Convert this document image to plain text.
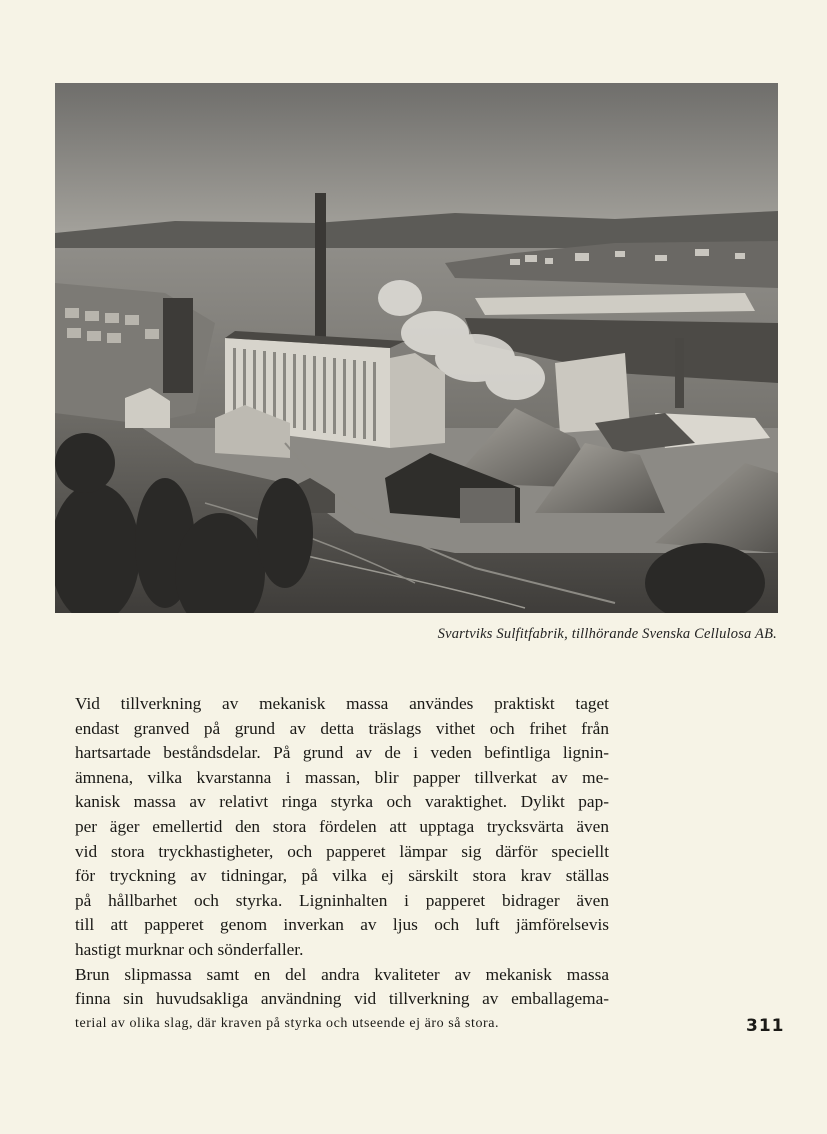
Svartviks Sulfitfabrik, tillhörande Svenska Cellulosa AB.

Vid tillverkning av mekanisk massa användes praktiskt taget
endast granved på grund av detta träslags vithet och frihet från
hartsartade beståndsdelar. På grund av de i veden befintliga lignin-
ämnena, vilka kvarstanna i massan, blir papper tillverkat av me-
kanisk massa av relativt ringa styrka och varaktighet. Dylikt pap-
per äger emellertid den stora fördelen att upptaga trycksvärta även
vid stora tryckhastigheter, och papperet lämpar sig därför speciellt
för tryckning av tidningar, på vilka ej särskilt stora krav ställas
på hållbarhet och styrka. Ligninhalten i papperet bidrager även
till att papperet genom inverkan av ljus och luft jämförelsevis
hastigt murknar och sönderfaller.

Brun slipmassa samt en del andra kvaliteter av mekanisk massa
finna sin huvudsakliga användning vid tillverkning av emballagema-
terial av olika slag, där kraven på styrka och utseende ej äro så stora.	311
